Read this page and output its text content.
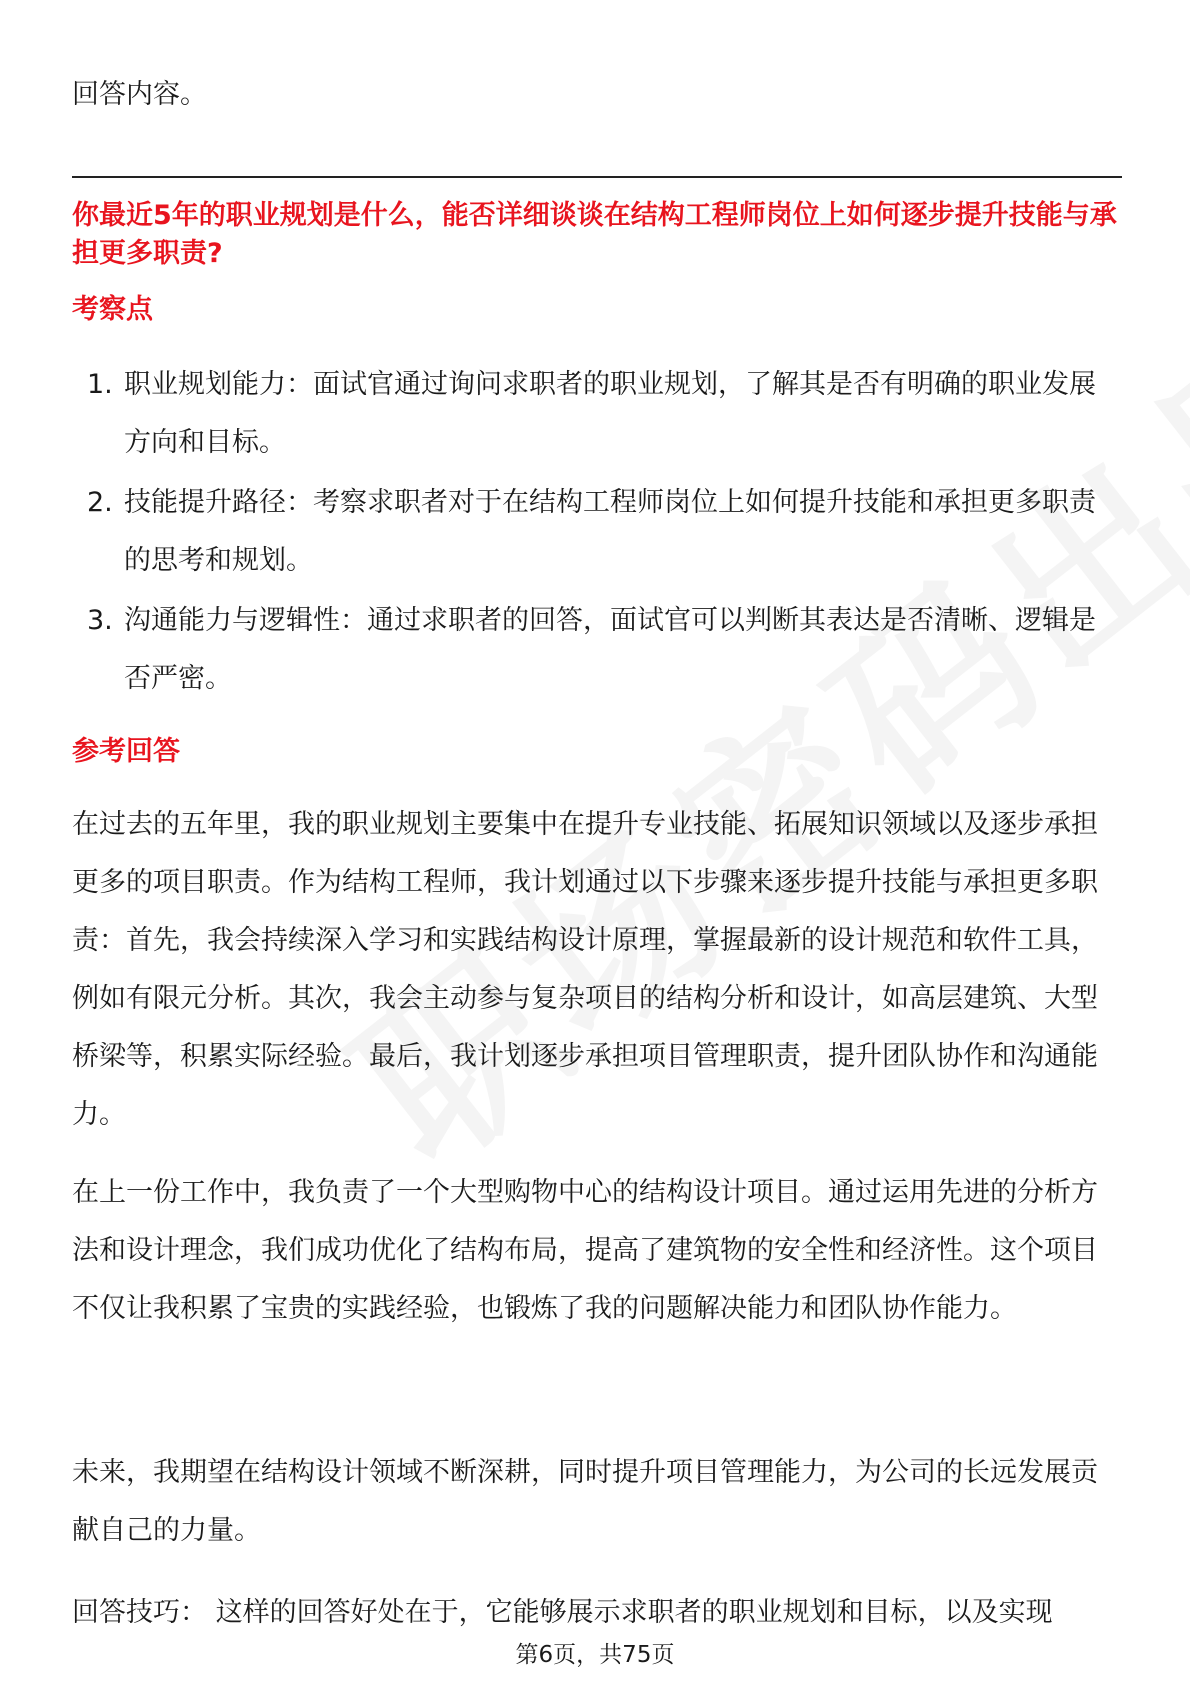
回答内容。
你最近5年的职业规划是什么，能否详细谈谈在结构工程师岗位上如何逐步提升技能与承担更多职责?
考察点
1. 职业规划能力：面试官通过询问求职者的职业规划，了解其是否有明确的职业发展方向和目标。
2. 技能提升路径：考察求职者对于在结构工程师岗位上如何提升技能和承担更多职责的思考和规划。
3. 沟通能力与逻辑性：通过求职者的回答，面试官可以判断其表达是否清晰、逻辑是否严密。
参考回答
在过去的五年里，我的职业规划主要集中在提升专业技能、拓展知识领域以及逐步承担更多的项目职责。作为结构工程师，我计划通过以下步骤来逐步提升技能与承担更多职责：首先，我会持续深入学习和实践结构设计原理，掌握最新的设计规范和软件工具，例如有限元分析。其次，我会主动参与复杂项目的结构分析和设计，如高层建筑、大型桥梁等，积累实际经验。最后，我计划逐步承担项目管理职责，提升团队协作和沟通能力。
在上一份工作中，我负责了一个大型购物中心的结构设计项目。通过运用先进的分析方法和设计理念，我们成功优化了结构布局，提高了建筑物的安全性和经济性。这个项目不仅让我积累了宝贵的实践经验，也锻炼了我的问题解决能力和团队协作能力。
未来，我期望在结构设计领域不断深耕，同时提升项目管理能力，为公司的长远发展贡献自己的力量。
回答技巧： 这样的回答好处在于，它能够展示求职者的职业规划和目标，以及实现
第6页，共75页
